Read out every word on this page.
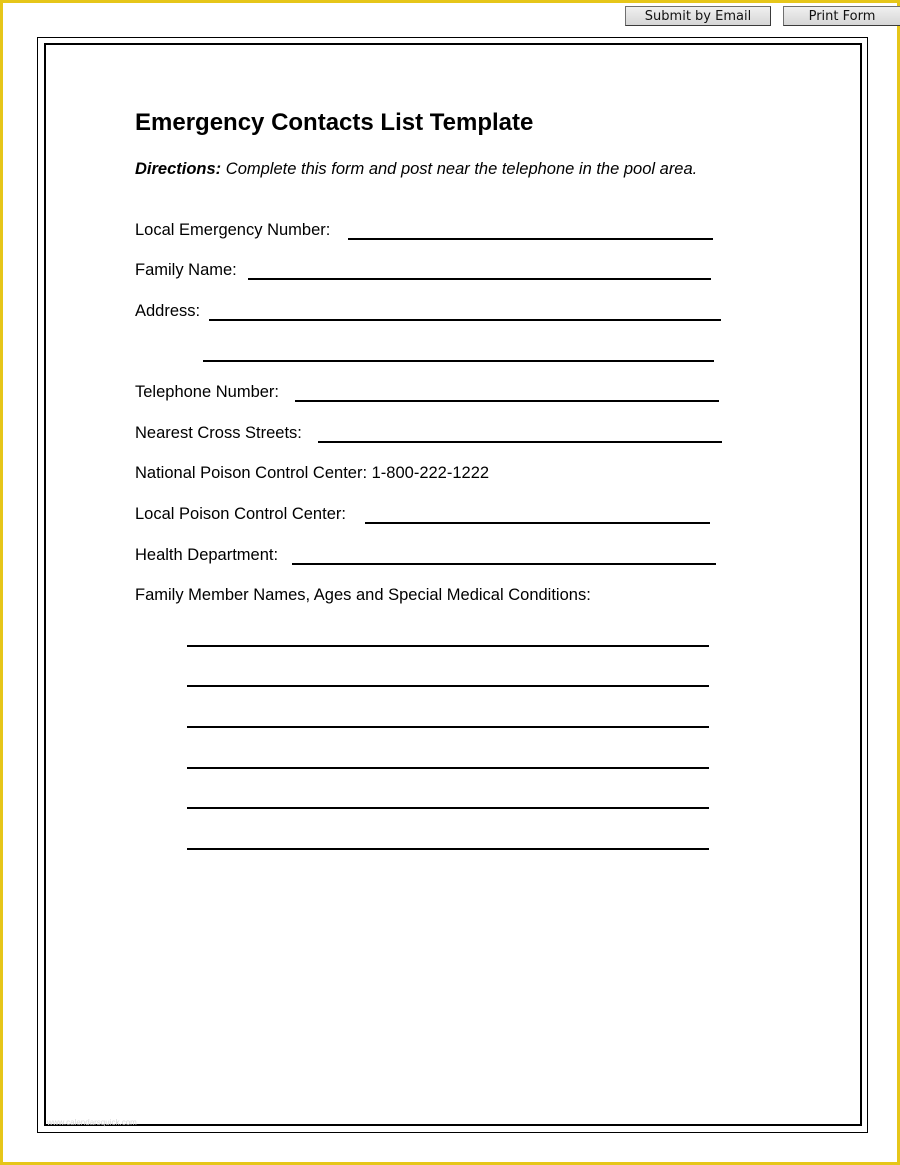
Submit by Email	Print Form
Emergency Contacts List Template
Directions: Complete this form and post near the telephone in the pool area.
Local Emergency Number:
Family Name:
Address:
Telephone Number:
Nearest Cross Streets:
National Poison Control Center: 1-800-222-1222
Local Poison Control Center:
Health Department:
Family Member Names, Ages and Special Medical Conditions:
www.calendarsquick.com
